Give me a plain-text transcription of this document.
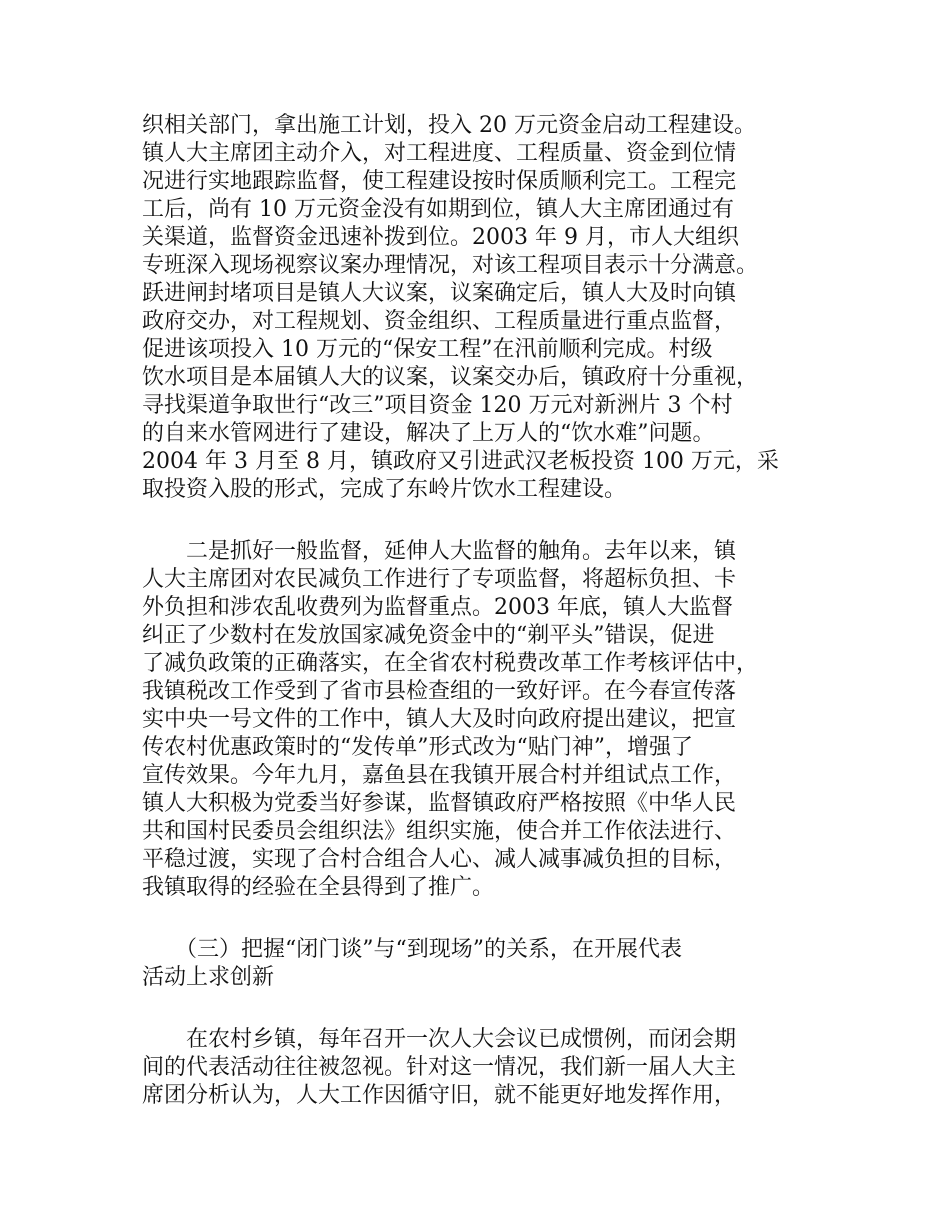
织相关部门，拿出施工计划，投入 20 万元资金启动工程建设。
镇人大主席团主动介入，对工程进度、工程质量、资金到位情
况进行实地跟踪监督，使工程建设按时保质顺利完工。工程完
工后，尚有 10 万元资金没有如期到位，镇人大主席团通过有
关渠道，监督资金迅速补拨到位。2003 年 9 月，市人大组织
专班深入现场视察议案办理情况，对该工程项目表示十分满意。
跃进闸封堵项目是镇人大议案，议案确定后，镇人大及时向镇
政府交办，对工程规划、资金组织、工程质量进行重点监督，
促进该项投入 10 万元的“保安工程”在汛前顺利完成。村级
饮水项目是本届镇人大的议案，议案交办后，镇政府十分重视，
寻找渠道争取世行“改三”项目资金 120 万元对新洲片 3 个村
的自来水管网进行了建设，解决了上万人的“饮水难”问题。
2004 年 3 月至 8 月，镇政府又引进武汉老板投资 100 万元，采
取投资入股的形式，完成了东岭片饮水工程建设。
　　二是抓好一般监督，延伸人大监督的触角。去年以来，镇
人大主席团对农民减负工作进行了专项监督，将超标负担、卡
外负担和涉农乱收费列为监督重点。2003 年底，镇人大监督
纠正了少数村在发放国家减免资金中的“剃平头”错误，促进
了减负政策的正确落实，在全省农村税费改革工作考核评估中，
我镇税改工作受到了省市县检查组的一致好评。在今春宣传落
实中央一号文件的工作中，镇人大及时向政府提出建议，把宣
传农村优惠政策时的“发传单”形式改为“贴门神”，增强了
宣传效果。今年九月，嘉鱼县在我镇开展合村并组试点工作，
镇人大积极为党委当好参谋，监督镇政府严格按照《中华人民
共和国村民委员会组织法》组织实施，使合并工作依法进行、
平稳过渡，实现了合村合组合人心、减人减事减负担的目标，
我镇取得的经验在全县得到了推广。
　　（三）把握“闭门谈”与“到现场”的关系，在开展代表
活动上求创新
　　在农村乡镇，每年召开一次人大会议已成惯例，而闭会期
间的代表活动往往被忽视。针对这一情况，我们新一届人大主
席团分析认为，人大工作因循守旧，就不能更好地发挥作用，
